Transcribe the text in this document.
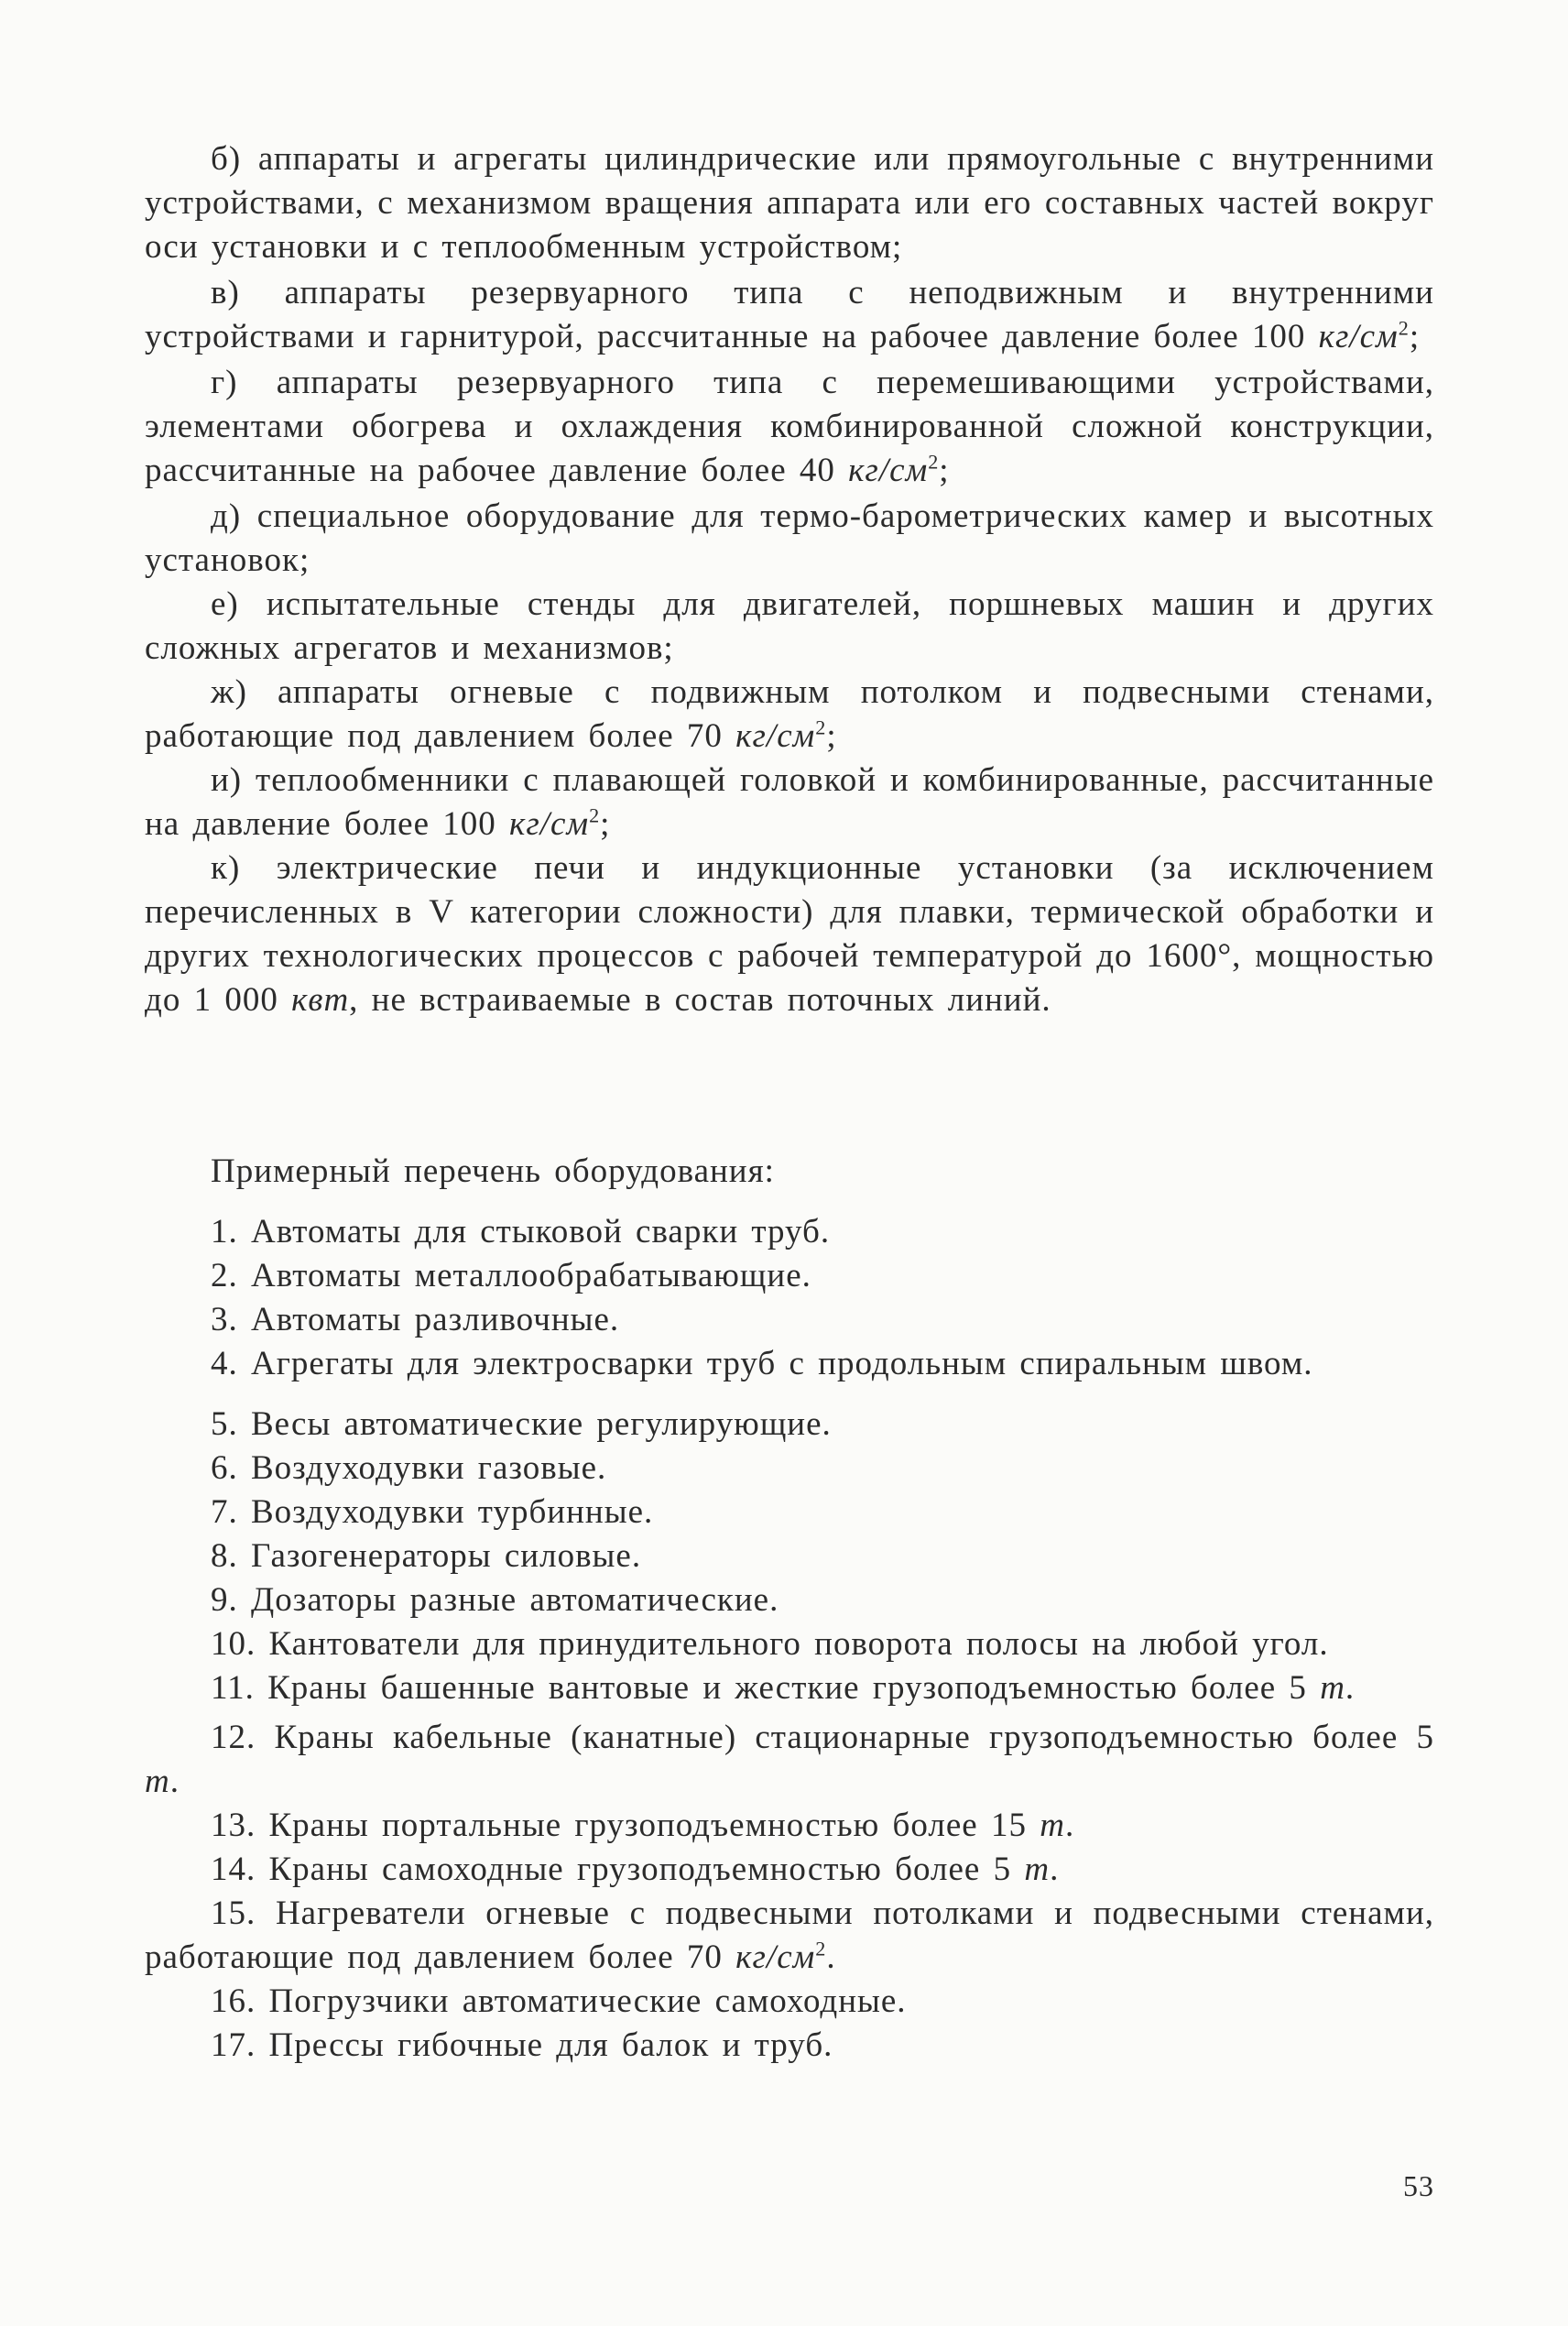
б) аппараты и агрегаты цилиндрические или прямоугольные с внутренними устройствами, с механизмом вращения аппарата или его составных частей вокруг оси установки и с теплообменным устройством;

в) аппараты резервуарного типа с неподвижным и внутренними устройствами и гарнитурой, рассчитанные на рабочее давление более 100 $кг/см^2$;

г) аппараты резервуарного типа с перемешивающими устройствами, элементами обогрева и охлаждения комбинированной сложной конструкции, рассчитанные на рабочее давление более 40 $кг/см^2$;

д) специальное оборудование для термо-барометрических камер и высотных установок;

е) испытательные стенды для двигателей, поршневых машин и других сложных агрегатов и механизмов;

ж) аппараты огневые с подвижным потолком и подвесными стенами, работающие под давлением более 70 $кг/см^2$;

и) теплообменники с плавающей головкой и комбинированные, рассчитанные на давление более 100 $кг/см^2$;

к) электрические печи и индукционные установки (за исключением перечисленных в V категории сложности) для плавки, термической обработки и других технологических процессов с рабочей температурой до 1600°, мощностью до 1 000 квт, не встраиваемые в состав поточных линий.

Примерный перечень оборудования:

1. Автоматы для стыковой сварки труб.

2. Автоматы металлообрабатывающие.

3. Автоматы разливочные.

4. Агрегаты для электросварки труб с продольным спиральным швом.

5. Весы автоматические регулирующие.

6. Воздуходувки газовые.

7. Воздуходувки турбинные.

8. Газогенераторы силовые.

9. Дозаторы разные автоматические.

10. Кантователи для принудительного поворота полосы на любой угол.

11. Краны башенные вантовые и жесткие грузоподъемностью более 5 т.

12. Краны кабельные (канатные) стационарные грузоподъемностью более 5 т.

13. Краны портальные грузоподъемностью более 15 т.

14. Краны самоходные грузоподъемностью более 5 т.

15. Нагреватели огневые с подвесными потолками и подвесными стенами, работающие под давлением более 70 $кг/см^2$.

16. Погрузчики автоматические самоходные.

17. Прессы гибочные для балок и труб.

53
